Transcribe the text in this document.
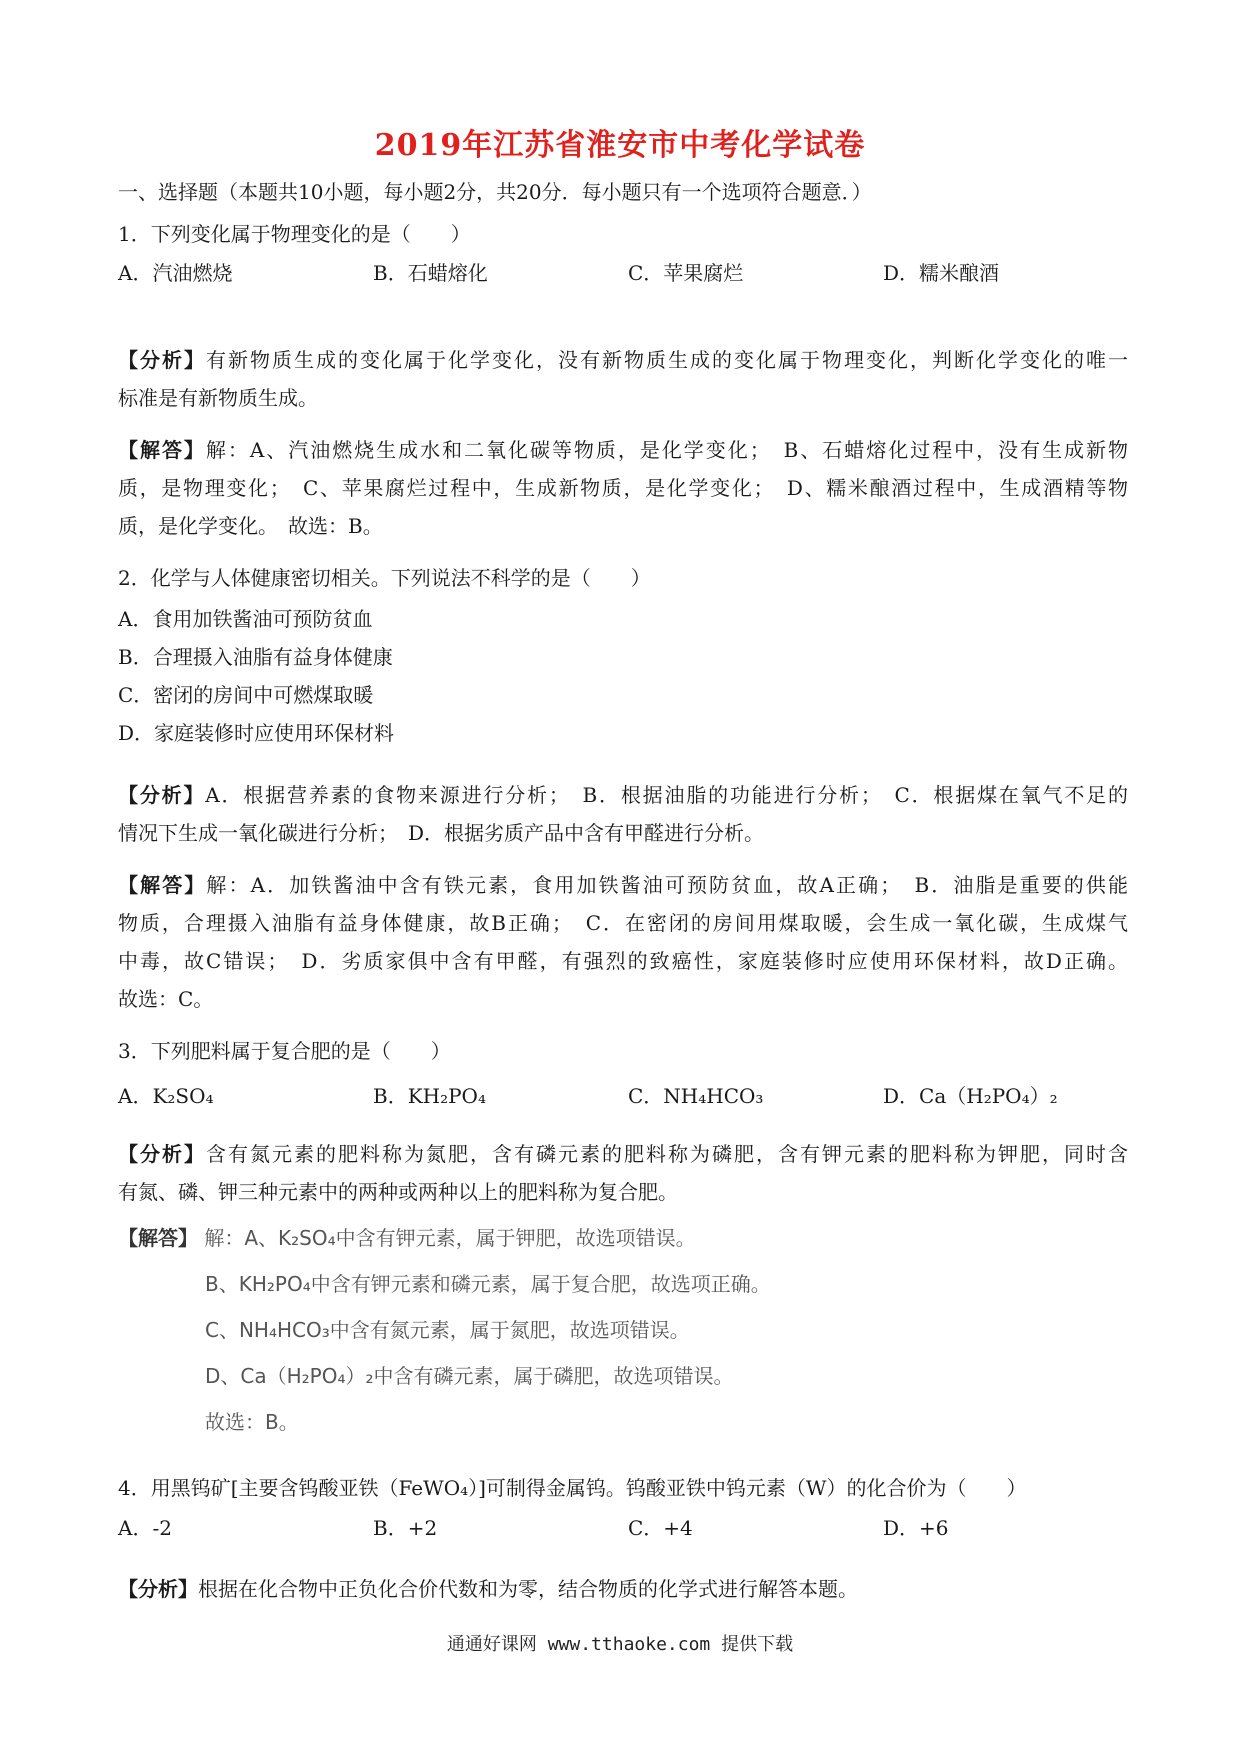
2019年江苏省淮安市中考化学试卷
一、选择题（本题共10小题，每小题2分，共20分．每小题只有一个选项符合题意．）
1．下列变化属于物理变化的是（　　）
A．汽油燃烧	B．石蜡熔化	C．苹果腐烂	D．糯米酿酒
【分析】有新物质生成的变化属于化学变化，没有新物质生成的变化属于物理变化，判断化学变化的唯一
标准是有新物质生成。
【解答】解：A、汽油燃烧生成水和二氧化碳等物质，是化学变化；　B、石蜡熔化过程中，没有生成新物
质，是物理变化；　C、苹果腐烂过程中，生成新物质，是化学变化；　D、糯米酿酒过程中，生成酒精等物
质，是化学变化。　故选：B。
2．化学与人体健康密切相关。下列说法不科学的是（　　）
A．食用加铁酱油可预防贫血
B．合理摄入油脂有益身体健康
C．密闭的房间中可燃煤取暖
D．家庭装修时应使用环保材料
【分析】A．根据营养素的食物来源进行分析；　B．根据油脂的功能进行分析；　C．根据煤在氧气不足的
情况下生成一氧化碳进行分析；　D．根据劣质产品中含有甲醛进行分析。
【解答】解：A．加铁酱油中含有铁元素，食用加铁酱油可预防贫血，故A正确；　B．油脂是重要的供能
物质，合理摄入油脂有益身体健康，故B正确；　C．在密闭的房间用煤取暖，会生成一氧化碳，生成煤气
中毒，故C错误；　D．劣质家俱中含有甲醛，有强烈的致癌性，家庭装修时应使用环保材料，故D正确。
故选：C。
3．下列肥料属于复合肥的是（　　）
A．K₂SO₄	B．KH₂PO₄	C．NH₄HCO₃	D．Ca（H₂PO₄）₂
【分析】含有氮元素的肥料称为氮肥，含有磷元素的肥料称为磷肥，含有钾元素的肥料称为钾肥，同时含
有氮、磷、钾三种元素中的两种或两种以上的肥料称为复合肥。
【解答】 解：A、K₂SO₄中含有钾元素，属于钾肥，故选项错误。
B、KH₂PO₄中含有钾元素和磷元素，属于复合肥，故选项正确。
C、NH₄HCO₃中含有氮元素，属于氮肥，故选项错误。
D、Ca（H₂PO₄）₂中含有磷元素，属于磷肥，故选项错误。
故选：B。
4．用黑钨矿[主要含钨酸亚铁（FeWO₄）]可制得金属钨。钨酸亚铁中钨元素（W）的化合价为（　　）
A．-2	B．+2	C．+4	D．+6
【分析】根据在化合物中正负化合价代数和为零，结合物质的化学式进行解答本题。
通通好课网 www.tthaoke.com 提供下载
